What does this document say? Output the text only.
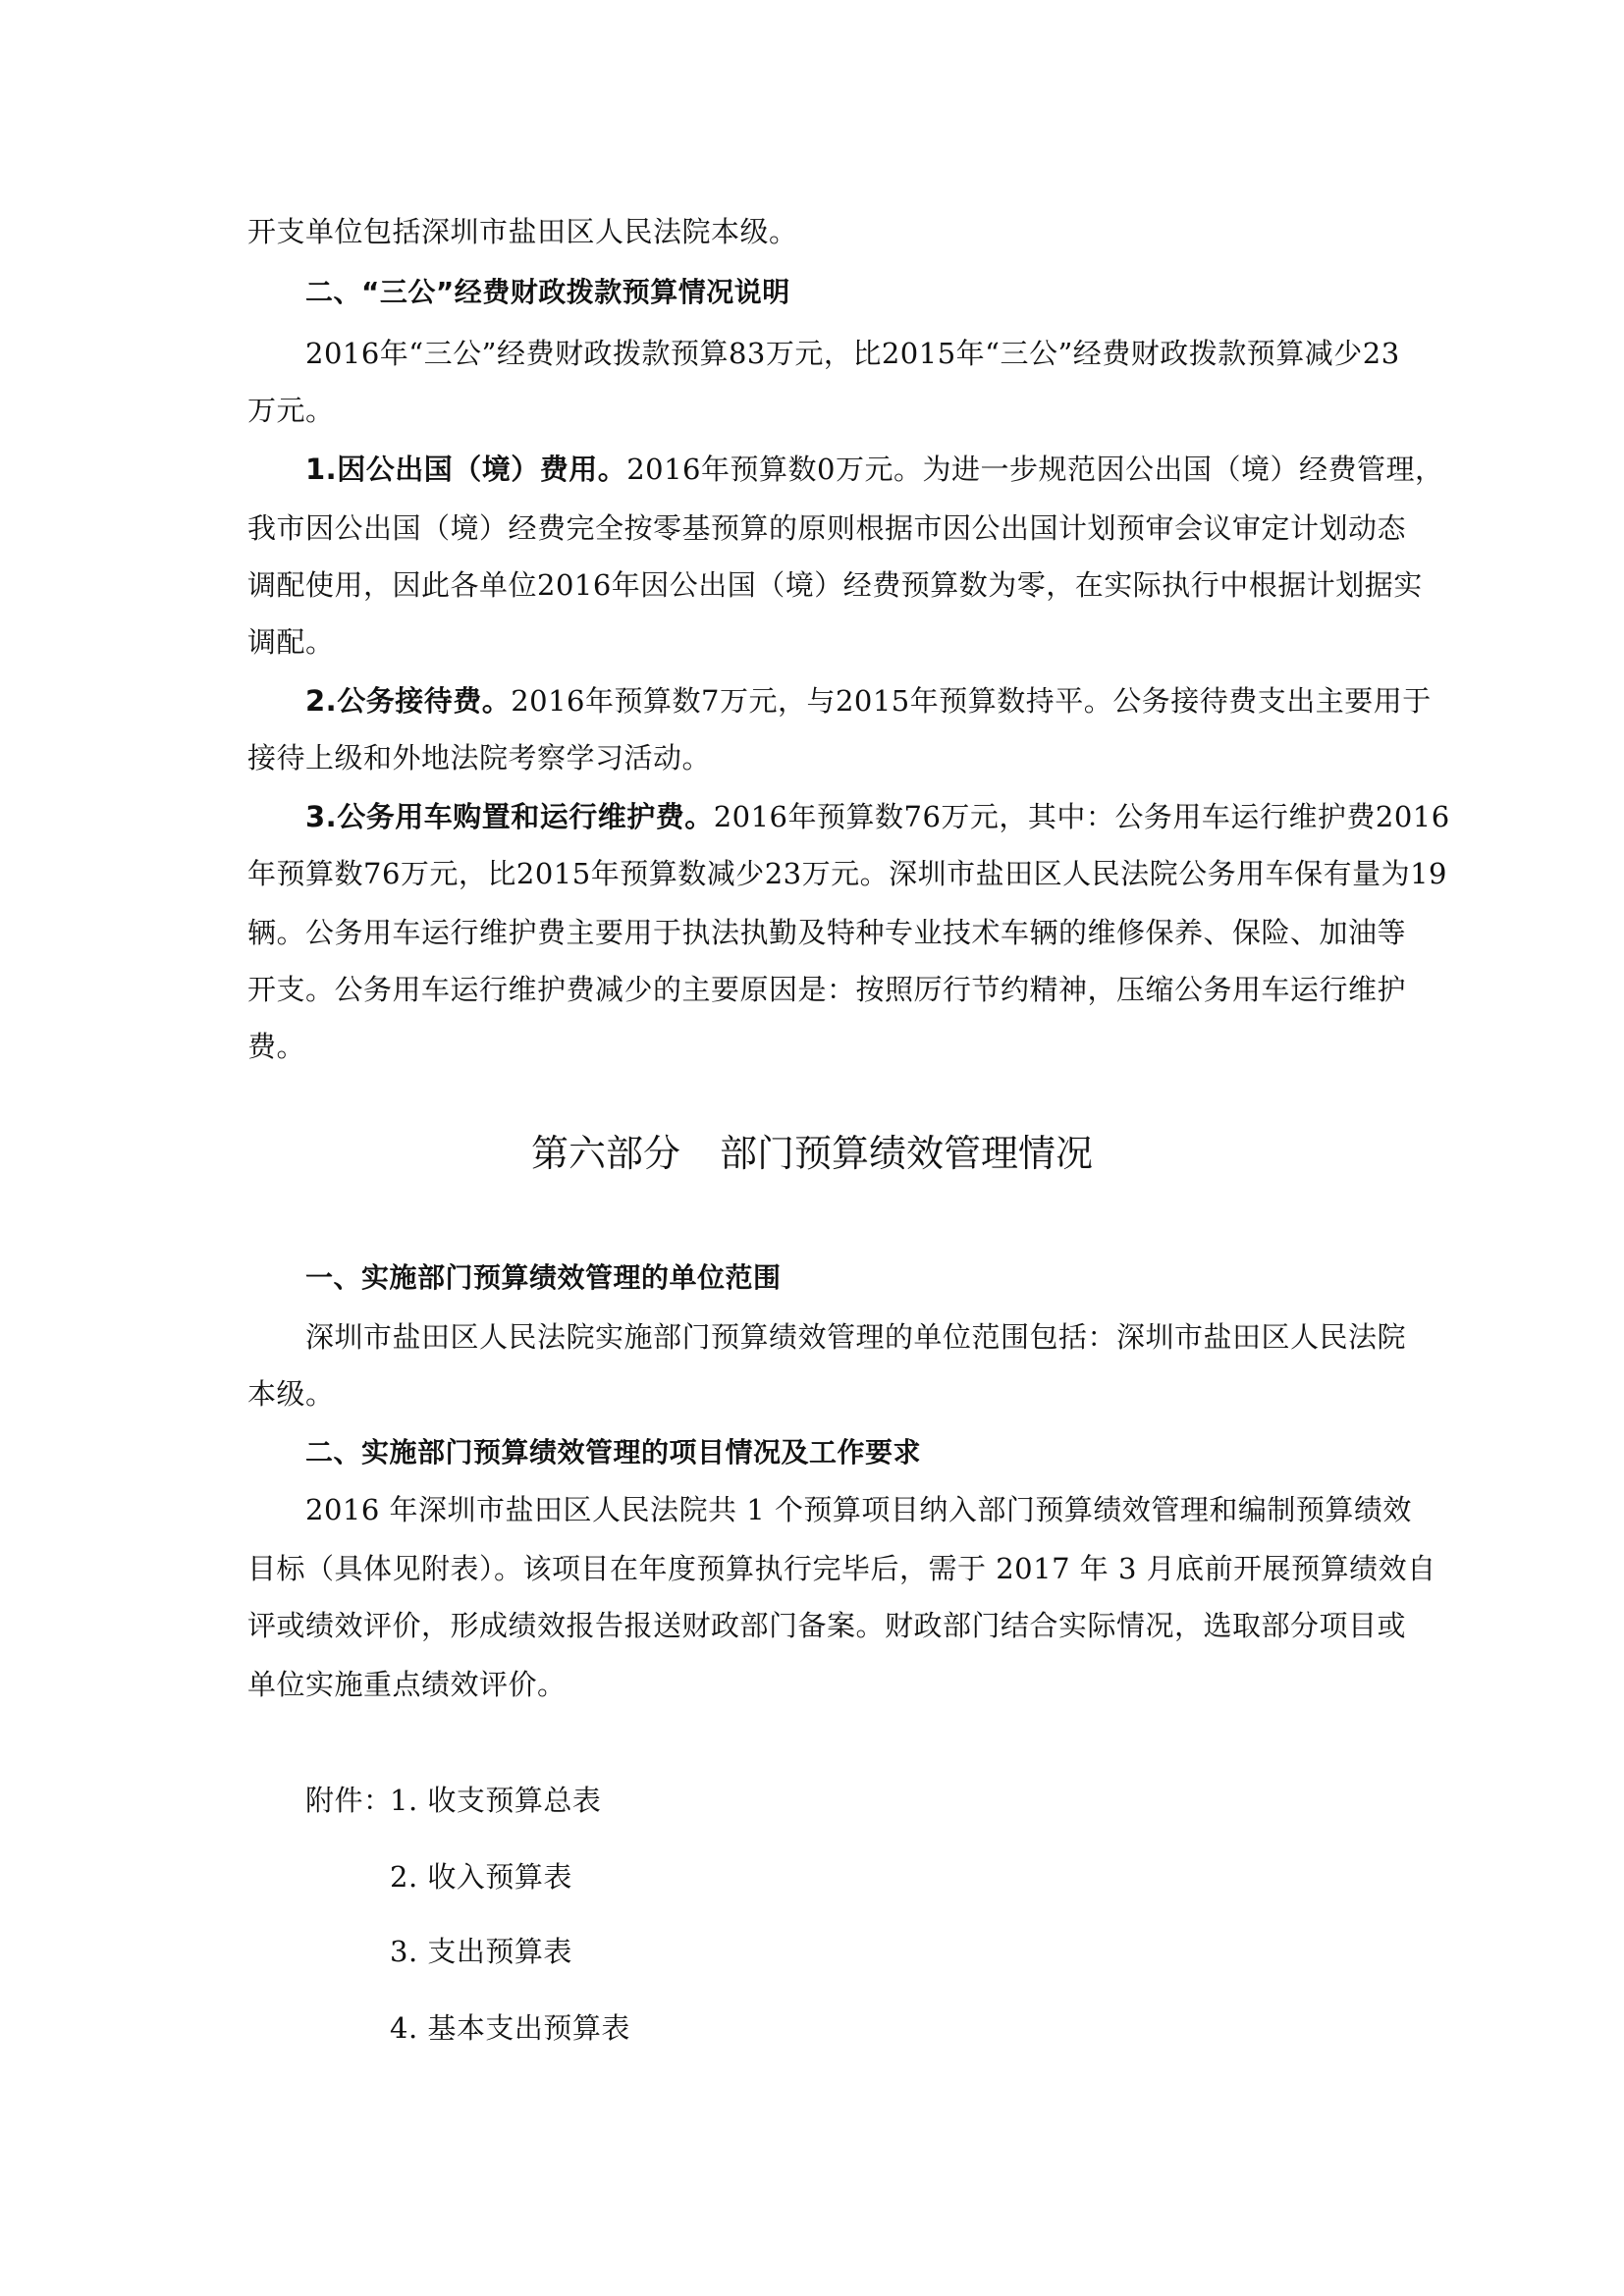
开支单位包括深圳市盐田区人民法院本级。
二、“三公”经费财政拨款预算情况说明
2016年“三公”经费财政拨款预算83万元，比2015年“三公”经费财政拨款预算减少23
万元。
1.因公出国（境）费用。2016年预算数0万元。为进一步规范因公出国（境）经费管理，
我市因公出国（境）经费完全按零基预算的原则根据市因公出国计划预审会议审定计划动态
调配使用，因此各单位2016年因公出国（境）经费预算数为零，在实际执行中根据计划据实
调配。
2.公务接待费。2016年预算数7万元，与2015年预算数持平。公务接待费支出主要用于
接待上级和外地法院考察学习活动。
3.公务用车购置和运行维护费。2016年预算数76万元，其中：公务用车运行维护费2016
年预算数76万元，比2015年预算数减少23万元。深圳市盐田区人民法院公务用车保有量为19
辆。公务用车运行维护费主要用于执法执勤及特种专业技术车辆的维修保养、保险、加油等
开支。公务用车运行维护费减少的主要原因是：按照厉行节约精神，压缩公务用车运行维护
费。
第六部分 部门预算绩效管理情况
一、实施部门预算绩效管理的单位范围
深圳市盐田区人民法院实施部门预算绩效管理的单位范围包括：深圳市盐田区人民法院
本级。
二、实施部门预算绩效管理的项目情况及工作要求
2016 年深圳市盐田区人民法院共 1 个预算项目纳入部门预算绩效管理和编制预算绩效
目标（具体见附表）。该项目在年度预算执行完毕后，需于 2017 年 3 月底前开展预算绩效自
评或绩效评价，形成绩效报告报送财政部门备案。财政部门结合实际情况，选取部分项目或
单位实施重点绩效评价。
附件：
1. 收支预算总表
2. 收入预算表
3. 支出预算表
4. 基本支出预算表
